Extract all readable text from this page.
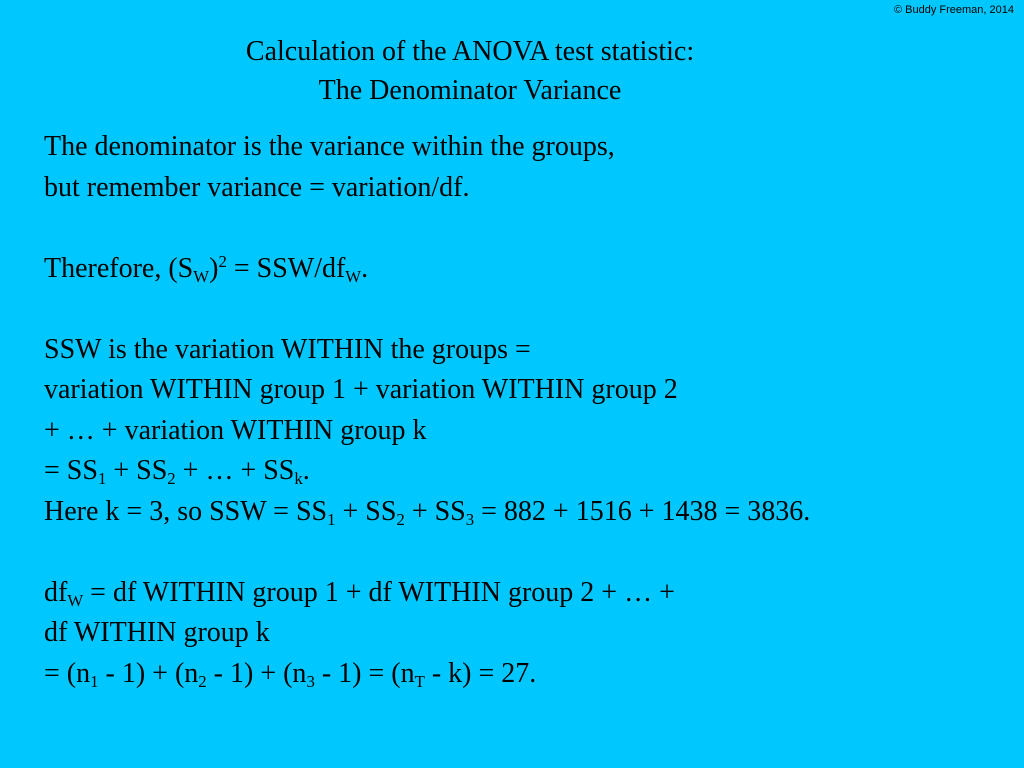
© Buddy Freeman, 2014
Calculation of the ANOVA test statistic:
The Denominator Variance
The denominator is the variance within the groups,
but remember variance = variation/df.
Therefore, $(S_W)^2 = SSW/df_W$.
SSW is the variation WITHIN the groups =
variation WITHIN group 1 + variation WITHIN group 2
+ … + variation WITHIN group k
= $SS_1 + SS_2$ + … + $SS_k$.
Here k = 3, so SSW = $SS_1 + SS_2 + SS_3 = 882 + 1516 + 1438 = 3836$.
$df_W$ = df WITHIN group 1 + df WITHIN group 2 + … +
df WITHIN group k
= $(n_1 - 1) + (n_2 - 1) + (n_3 - 1) = (n_T - k) = 27$.
